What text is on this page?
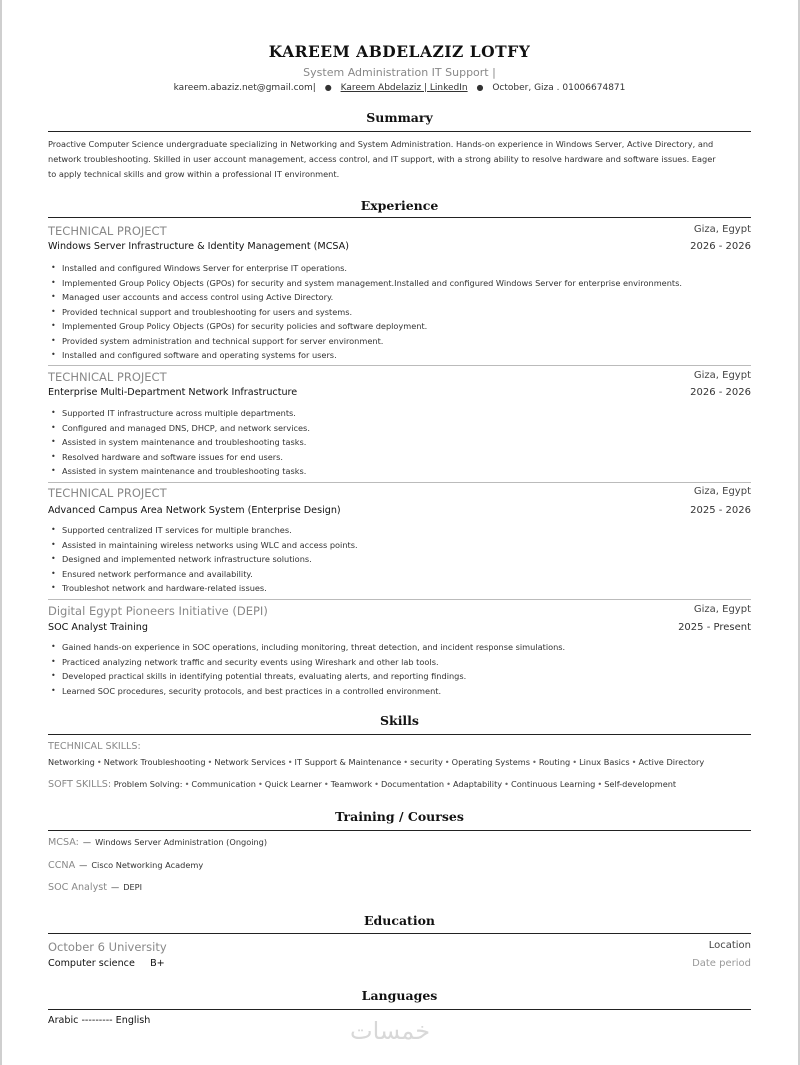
KAREEM ABDELAZIZ LOTFY
System Administration IT Support |
kareem.abaziz.net@gmail.com| ● Kareem Abdelaziz | LinkedIn ● October, Giza . 01006674871
Summary
Proactive Computer Science undergraduate specializing in Networking and System Administration. Hands-on experience in Windows Server, Active Directory, and
network troubleshooting. Skilled in user account management, access control, and IT support, with a strong ability to resolve hardware and software issues. Eager
to apply technical skills and grow within a professional IT environment.
Experience
TECHNICAL PROJECT	Giza, Egypt
Windows Server Infrastructure & Identity Management (MCSA)	2026 - 2026
• Installed and configured Windows Server for enterprise IT operations.
• Implemented Group Policy Objects (GPOs) for security and system management.Installed and configured Windows Server for enterprise environments.
• Managed user accounts and access control using Active Directory.
• Provided technical support and troubleshooting for users and systems.
• Implemented Group Policy Objects (GPOs) for security policies and software deployment.
• Provided system administration and technical support for server environment.
• Installed and configured software and operating systems for users.
TECHNICAL PROJECT	Giza, Egypt
Enterprise Multi-Department Network Infrastructure	2026 - 2026
• Supported IT infrastructure across multiple departments.
• Configured and managed DNS, DHCP, and network services.
• Assisted in system maintenance and troubleshooting tasks.
• Resolved hardware and software issues for end users.
• Assisted in system maintenance and troubleshooting tasks.
TECHNICAL PROJECT	Giza, Egypt
Advanced Campus Area Network System (Enterprise Design)	2025 - 2026
• Supported centralized IT services for multiple branches.
• Assisted in maintaining wireless networks using WLC and access points.
• Designed and implemented network infrastructure solutions.
• Ensured network performance and availability.
• Troubleshot network and hardware-related issues.
Digital Egypt Pioneers Initiative (DEPI)	Giza, Egypt
SOC Analyst Training	2025 - Present
• Gained hands-on experience in SOC operations, including monitoring, threat detection, and incident response simulations.
• Practiced analyzing network traffic and security events using Wireshark and other lab tools.
• Developed practical skills in identifying potential threats, evaluating alerts, and reporting findings.
• Learned SOC procedures, security protocols, and best practices in a controlled environment.
Skills
TECHNICAL SKILLS:
Networking • Network Troubleshooting • Network Services • IT Support & Maintenance • security • Operating Systems • Routing • Linux Basics • Active Directory
SOFT SKILLS: Problem Solving: • Communication • Quick Learner • Teamwork • Documentation • Adaptability • Continuous Learning • Self-development
Training / Courses
MCSA: — Windows Server Administration (Ongoing)
CCNA — Cisco Networking Academy
SOC Analyst — DEPI
Education
October 6 University	Location
Computer science     B+	Date period
Languages
Arabic --------- English	خمسات
